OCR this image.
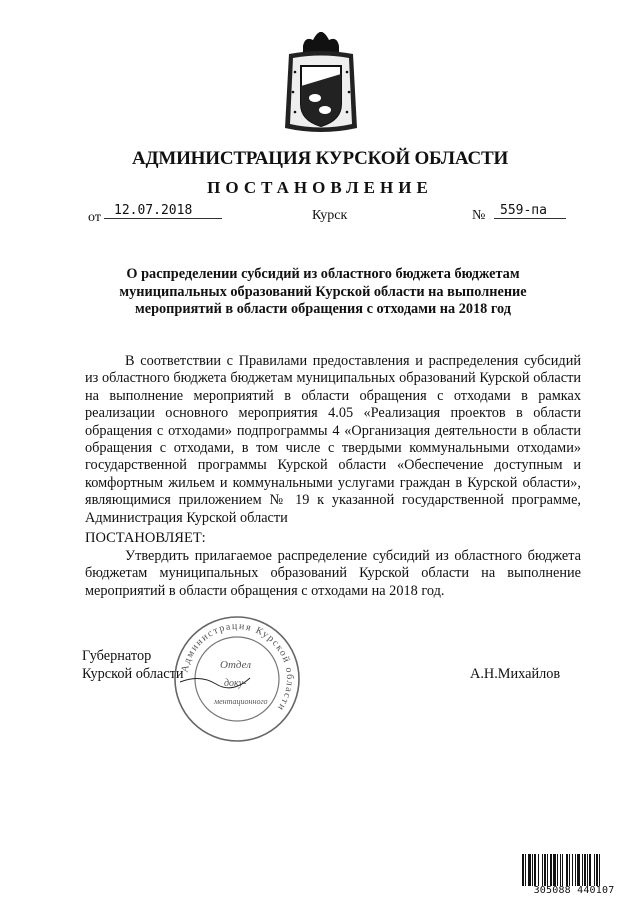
АДМИНИСТРАЦИЯ КУРСКОЙ ОБЛАСТИ
ПОСТАНОВЛЕНИЕ
от	12.07.2018	Курск	№	559-па
О распределении субсидий из областного бюджета бюджетам муниципальных образований Курской области на выполнение мероприятий в области обращения с отходами на 2018 год
В соответствии с Правилами предоставления и распределения субсидий из областного бюджета бюджетам муниципальных образований Курской области на выполнение мероприятий в области обращения с отходами в рамках реализации основного мероприятия 4.05 «Реализация проектов в области обращения с отходами» подпрограммы 4 «Организация деятельности в области обращения с отходами, в том числе с твердыми коммунальными отходами» государственной программы Курской области «Обеспечение доступным и комфортным жильем и коммунальными услугами граждан в Курской области», являющимися приложением № 19 к указанной государственной программе, Администрация Курской области
ПОСТАНОВЛЯЕТ:
Утвердить прилагаемое распределение субсидий из областного бюджета бюджетам муниципальных образований Курской области на выполнение мероприятий в области обращения с отходами на 2018 год.
Губернатор
Курской области	А.Н.Михайлов
Администрация Курской области
Отдел
доку-
ментационного
305088 440107
